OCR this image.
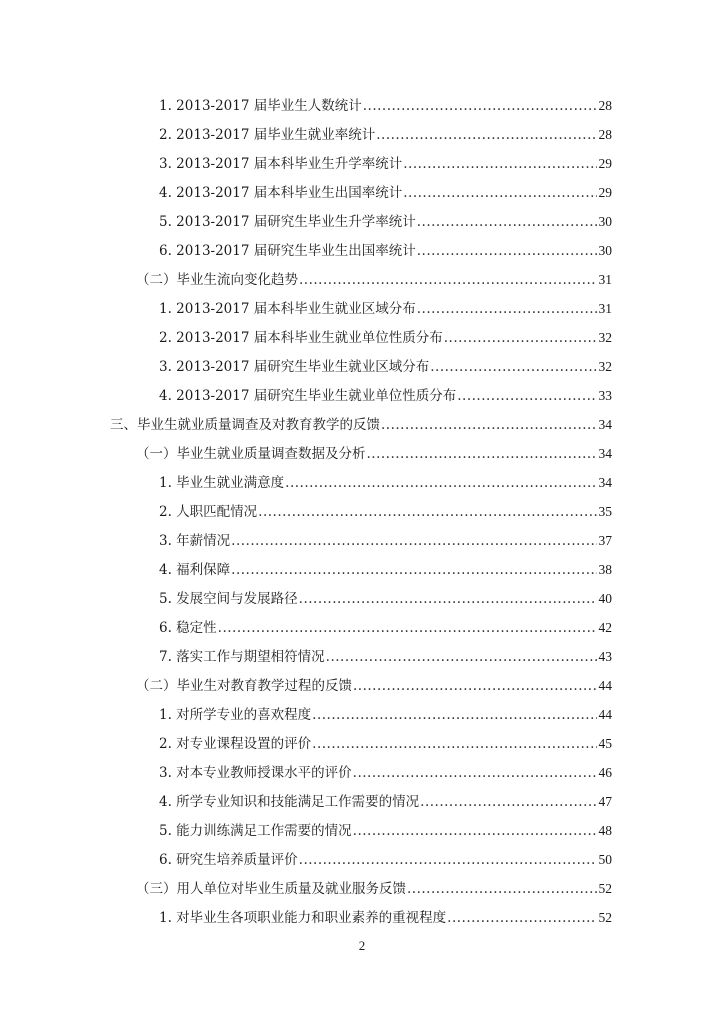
1. 2013-2017 届毕业生人数统计 .....	28
2. 2013-2017 届毕业生就业率统计 .....	28
3. 2013-2017 届本科毕业生升学率统计 .....	29
4. 2013-2017 届本科毕业生出国率统计 .....	29
5. 2013-2017 届研究生毕业生升学率统计 .....	30
6. 2013-2017 届研究生毕业生出国率统计 .....	30
（二）毕业生流向变化趋势 .....	31
1. 2013-2017 届本科毕业生就业区域分布 .....	31
2. 2013-2017 届本科毕业生就业单位性质分布 .....	32
3. 2013-2017 届研究生毕业生就业区域分布 .....	32
4. 2013-2017 届研究生毕业生就业单位性质分布 .....	33
三、毕业生就业质量调查及对教育教学的反馈 .....	34
（一）毕业生就业质量调查数据及分析 .....	34
1. 毕业生就业满意度 .....	34
2. 人职匹配情况 .....	35
3. 年薪情况 .....	37
4. 福利保障 .....	38
5. 发展空间与发展路径 .....	40
6. 稳定性 .....	42
7. 落实工作与期望相符情况 .....	43
（二）毕业生对教育教学过程的反馈 .....	44
1. 对所学专业的喜欢程度 .....	44
2. 对专业课程设置的评价 .....	45
3. 对本专业教师授课水平的评价 .....	46
4. 所学专业知识和技能满足工作需要的情况 .....	47
5. 能力训练满足工作需要的情况 .....	48
6. 研究生培养质量评价 .....	50
（三）用人单位对毕业生质量及就业服务反馈 .....	52
1. 对毕业生各项职业能力和职业素养的重视程度 .....	52
2
